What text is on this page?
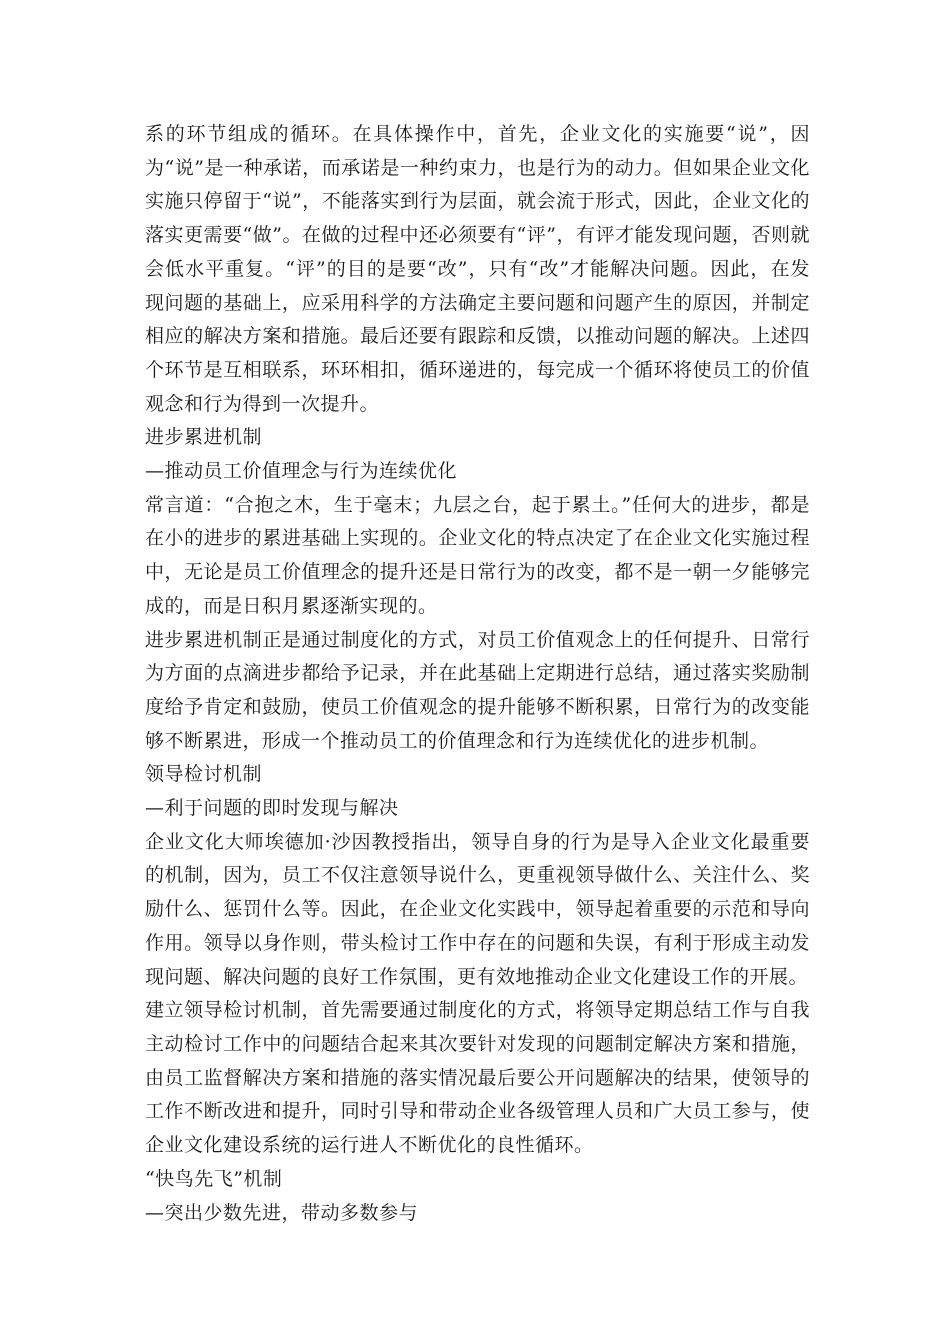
系的环节组成的循环。在具体操作中，首先，企业文化的实施要“说”，因为“说”是一种承诺，而承诺是一种约束力，也是行为的动力。但如果企业文化实施只停留于“说”，不能落实到行为层面，就会流于形式，因此，企业文化的落实更需要“做”。在做的过程中还必须要有“评”，有评才能发现问题，否则就会低水平重复。“评”的目的是要“改”，只有“改”才能解决问题。因此，在发现问题的基础上，应采用科学的方法确定主要问题和问题产生的原因，并制定相应的解决方案和措施。最后还要有跟踪和反馈，以推动问题的解决。上述四个环节是互相联系，环环相扣，循环递进的，每完成一个循环将使员工的价值观念和行为得到一次提升。

进步累进机制

—推动员工价值理念与行为连续优化

常言道：“合抱之木，生于毫末；九层之台，起于累土。”任何大的进步，都是在小的进步的累进基础上实现的。企业文化的特点决定了在企业文化实施过程中，无论是员工价值理念的提升还是日常行为的改变，都不是一朝一夕能够完成的，而是日积月累逐渐实现的。

进步累进机制正是通过制度化的方式，对员工价值观念上的任何提升、日常行为方面的点滴进步都给予记录，并在此基础上定期进行总结，通过落实奖励制度给予肯定和鼓励，使员工价值观念的提升能够不断积累，日常行为的改变能够不断累进，形成一个推动员工的价值理念和行为连续优化的进步机制。

领导检讨机制

—利于问题的即时发现与解决

企业文化大师埃德加·沙因教授指出，领导自身的行为是导入企业文化最重要的机制，因为，员工不仅注意领导说什么，更重视领导做什么、关注什么、奖励什么、惩罚什么等。因此，在企业文化实践中，领导起着重要的示范和导向作用。领导以身作则，带头检讨工作中存在的问题和失误，有利于形成主动发现问题、解决问题的良好工作氛围，更有效地推动企业文化建设工作的开展。

建立领导检讨机制，首先需要通过制度化的方式，将领导定期总结工作与自我主动检讨工作中的问题结合起来其次要针对发现的问题制定解决方案和措施，由员工监督解决方案和措施的落实情况最后要公开问题解决的结果，使领导的工作不断改进和提升，同时引导和带动企业各级管理人员和广大员工参与，使企业文化建设系统的运行进人不断优化的良性循环。

“快鸟先飞”机制

—突出少数先进，带动多数参与
